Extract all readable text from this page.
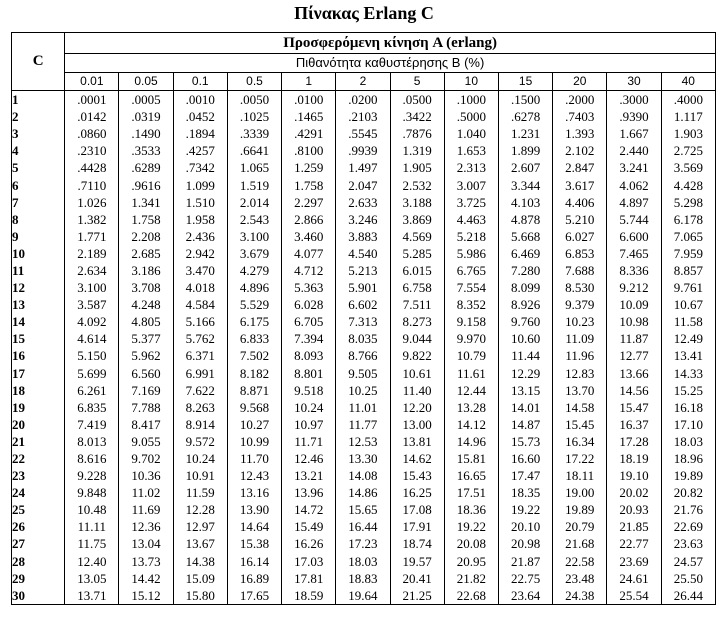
Πίνακας Erlang C
C	Προσφερόμενη κίνηση A (erlang)											
	Πιθανότητα καθυστέρησης B (%)											
	0.01	0.05	0.1	0.5	1	2	5	10	15	20	30	40
1	.0001	.0005	.0010	.0050	.0100	.0200	.0500	.1000	.1500	.2000	.3000	.4000
2	.0142	.0319	.0452	.1025	.1465	.2103	.3422	.5000	.6278	.7403	.9390	1.117
3	.0860	.1490	.1894	.3339	.4291	.5545	.7876	1.040	1.231	1.393	1.667	1.903
4	.2310	.3533	.4257	.6641	.8100	.9939	1.319	1.653	1.899	2.102	2.440	2.725
5	.4428	.6289	.7342	1.065	1.259	1.497	1.905	2.313	2.607	2.847	3.241	3.569
6	.7110	.9616	1.099	1.519	1.758	2.047	2.532	3.007	3.344	3.617	4.062	4.428
7	1.026	1.341	1.510	2.014	2.297	2.633	3.188	3.725	4.103	4.406	4.897	5.298
8	1.382	1.758	1.958	2.543	2.866	3.246	3.869	4.463	4.878	5.210	5.744	6.178
9	1.771	2.208	2.436	3.100	3.460	3.883	4.569	5.218	5.668	6.027	6.600	7.065
10	2.189	2.685	2.942	3.679	4.077	4.540	5.285	5.986	6.469	6.853	7.465	7.959
11	2.634	3.186	3.470	4.279	4.712	5.213	6.015	6.765	7.280	7.688	8.336	8.857
12	3.100	3.708	4.018	4.896	5.363	5.901	6.758	7.554	8.099	8.530	9.212	9.761
13	3.587	4.248	4.584	5.529	6.028	6.602	7.511	8.352	8.926	9.379	10.09	10.67
14	4.092	4.805	5.166	6.175	6.705	7.313	8.273	9.158	9.760	10.23	10.98	11.58
15	4.614	5.377	5.762	6.833	7.394	8.035	9.044	9.970	10.60	11.09	11.87	12.49
16	5.150	5.962	6.371	7.502	8.093	8.766	9.822	10.79	11.44	11.96	12.77	13.41
17	5.699	6.560	6.991	8.182	8.801	9.505	10.61	11.61	12.29	12.83	13.66	14.33
18	6.261	7.169	7.622	8.871	9.518	10.25	11.40	12.44	13.15	13.70	14.56	15.25
19	6.835	7.788	8.263	9.568	10.24	11.01	12.20	13.28	14.01	14.58	15.47	16.18
20	7.419	8.417	8.914	10.27	10.97	11.77	13.00	14.12	14.87	15.45	16.37	17.10
21	8.013	9.055	9.572	10.99	11.71	12.53	13.81	14.96	15.73	16.34	17.28	18.03
22	8.616	9.702	10.24	11.70	12.46	13.30	14.62	15.81	16.60	17.22	18.19	18.96
23	9.228	10.36	10.91	12.43	13.21	14.08	15.43	16.65	17.47	18.11	19.10	19.89
24	9.848	11.02	11.59	13.16	13.96	14.86	16.25	17.51	18.35	19.00	20.02	20.82
25	10.48	11.69	12.28	13.90	14.72	15.65	17.08	18.36	19.22	19.89	20.93	21.76
26	11.11	12.36	12.97	14.64	15.49	16.44	17.91	19.22	20.10	20.79	21.85	22.69
27	11.75	13.04	13.67	15.38	16.26	17.23	18.74	20.08	20.98	21.68	22.77	23.63
28	12.40	13.73	14.38	16.14	17.03	18.03	19.57	20.95	21.87	22.58	23.69	24.57
29	13.05	14.42	15.09	16.89	17.81	18.83	20.41	21.82	22.75	23.48	24.61	25.50
30	13.71	15.12	15.80	17.65	18.59	19.64	21.25	22.68	23.64	24.38	25.54	26.44
